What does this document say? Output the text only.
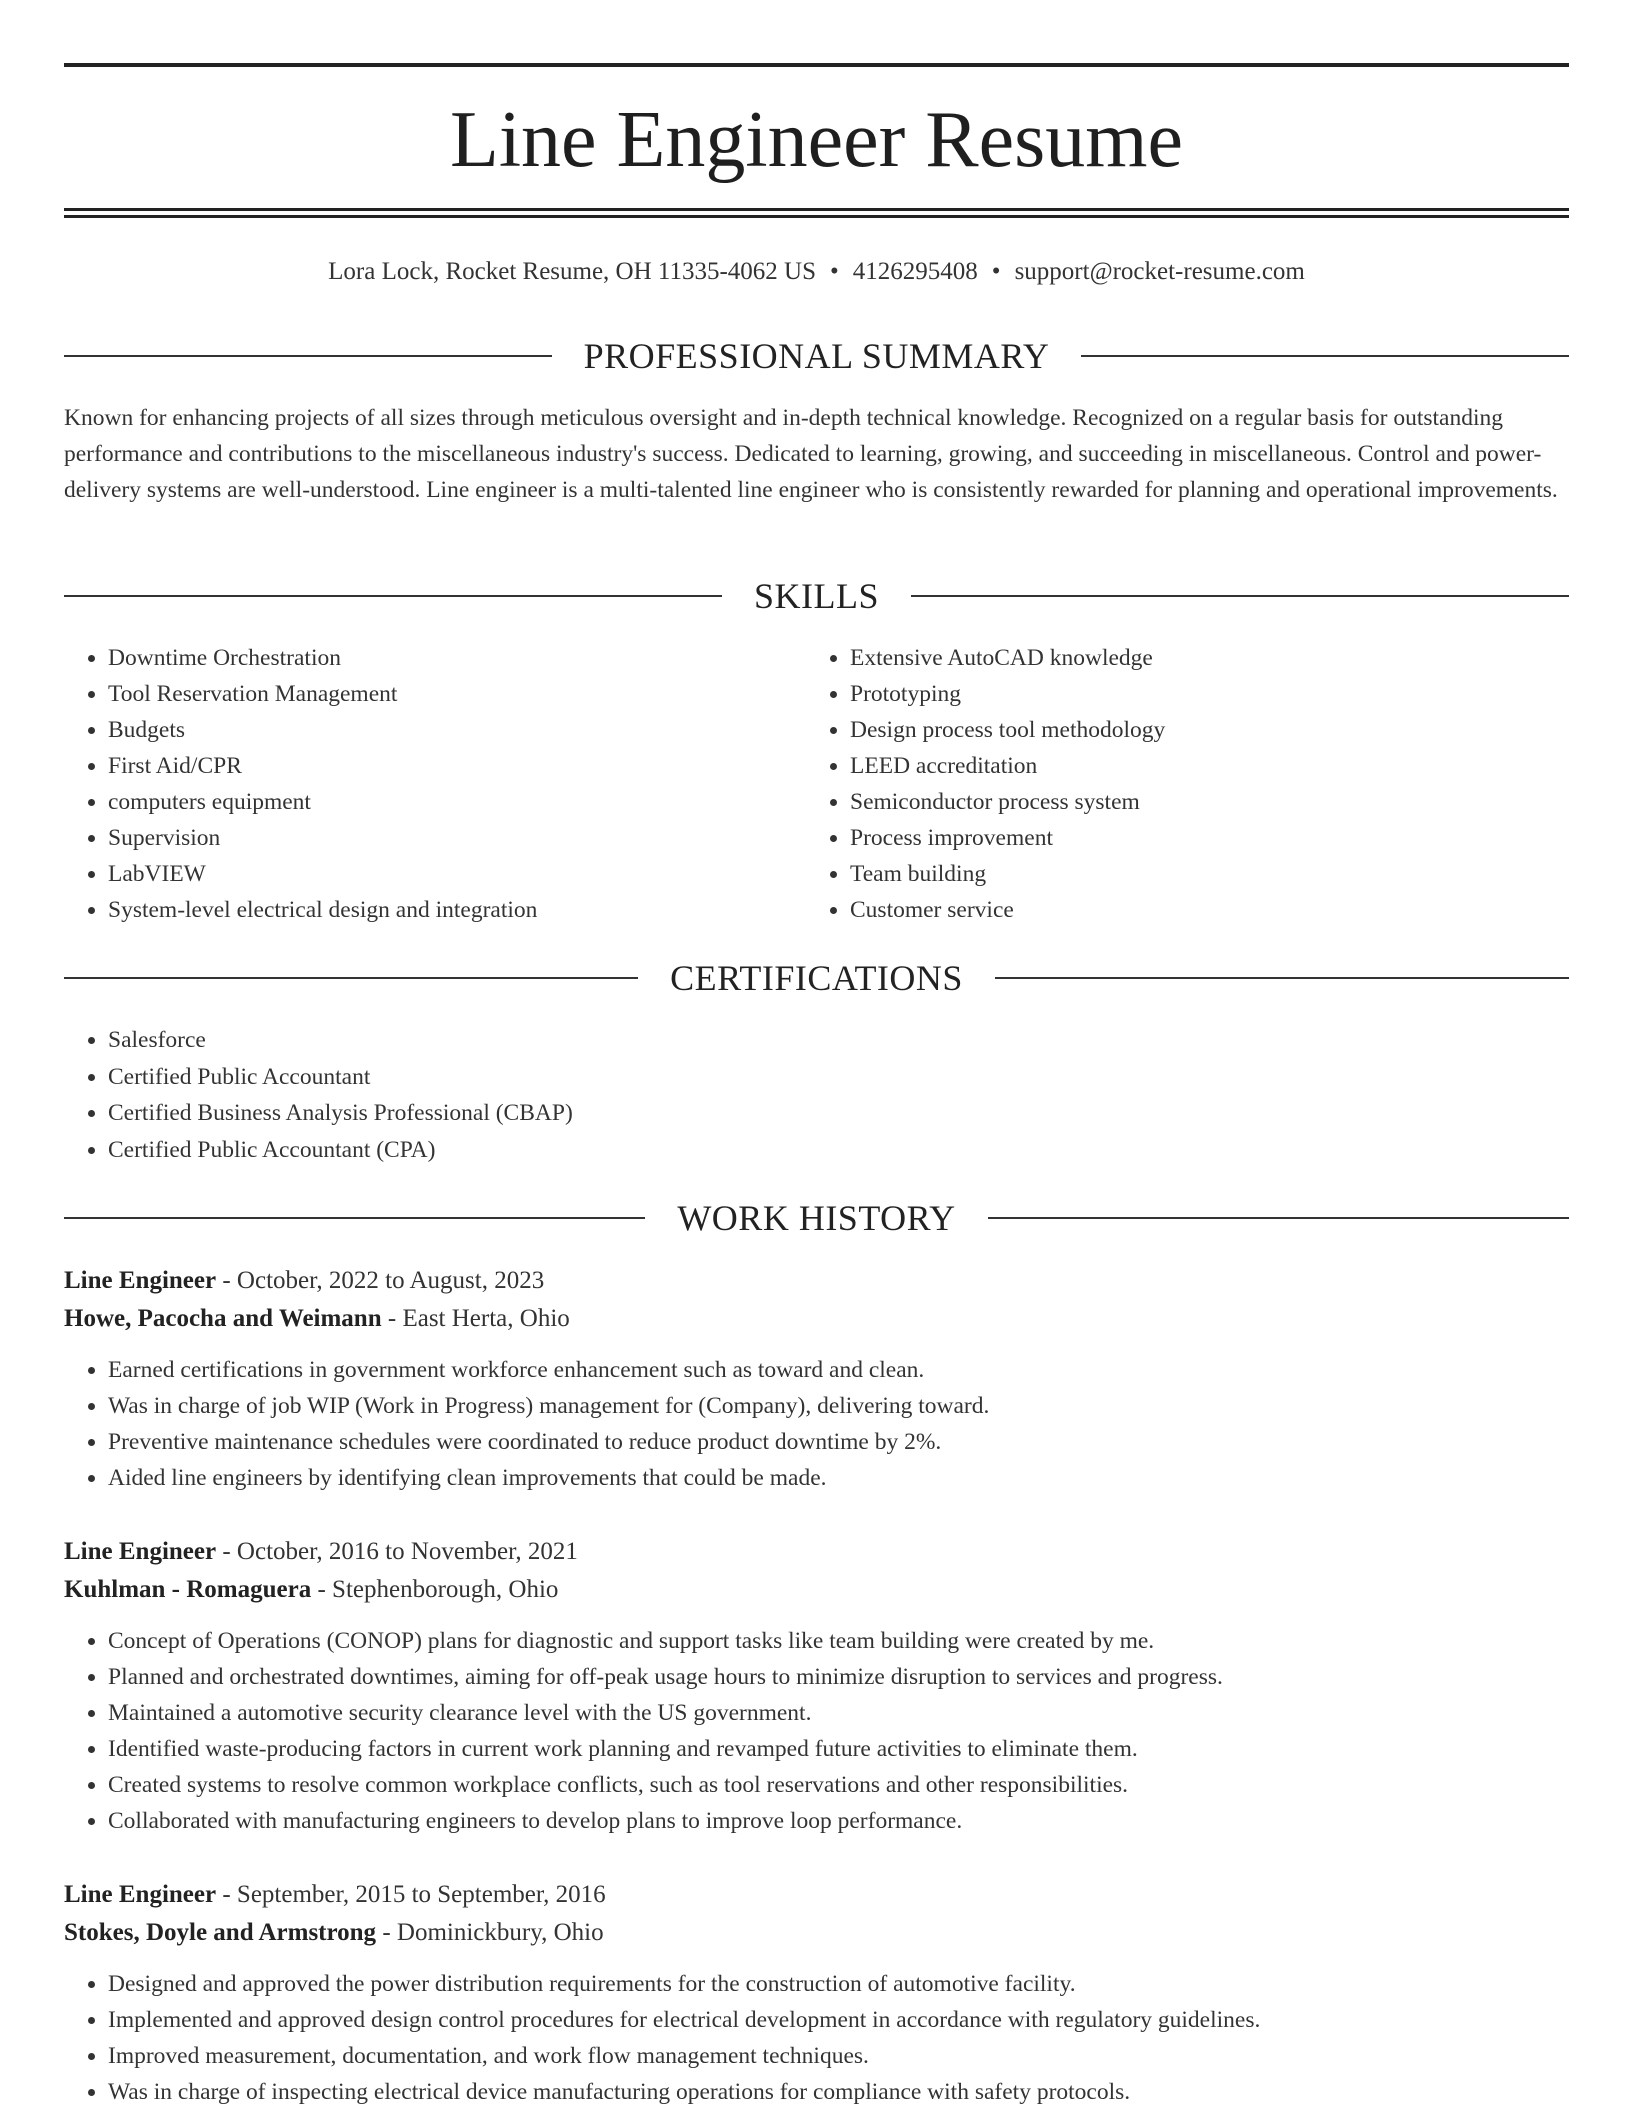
Line Engineer Resume
Lora Lock, Rocket Resume, OH 11335-4062 US • 4126295408 • support@rocket-resume.com
PROFESSIONAL SUMMARY

Known for enhancing projects of all sizes through meticulous oversight and in-depth technical knowledge. Recognized on a regular basis for outstanding performance and contributions to the miscellaneous industry's success. Dedicated to learning, growing, and succeeding in miscellaneous. Control and power-delivery systems are well-understood. Line engineer is a multi-talented line engineer who is consistently rewarded for planning and operational improvements.

SKILLS
• Downtime Orchestration
• Tool Reservation Management
• Budgets
• First Aid/CPR
• computers equipment
• Supervision
• LabVIEW
• System-level electrical design and integration
• Extensive AutoCAD knowledge
• Prototyping
• Design process tool methodology
• LEED accreditation
• Semiconductor process system
• Process improvement
• Team building
• Customer service
CERTIFICATIONS
• Salesforce
• Certified Public Accountant
• Certified Business Analysis Professional (CBAP)
• Certified Public Accountant (CPA)
WORK HISTORY

Line Engineer - October, 2022 to August, 2023

Howe, Pacocha and Weimann - East Herta, Ohio

• Earned certifications in government workforce enhancement such as toward and clean.
• Was in charge of job WIP (Work in Progress) management for (Company), delivering toward.
• Preventive maintenance schedules were coordinated to reduce product downtime by 2%.
• Aided line engineers by identifying clean improvements that could be made.

Line Engineer - October, 2016 to November, 2021

Kuhlman - Romaguera - Stephenborough, Ohio

• Concept of Operations (CONOP) plans for diagnostic and support tasks like team building were created by me.
• Planned and orchestrated downtimes, aiming for off-peak usage hours to minimize disruption to services and progress.
• Maintained a automotive security clearance level with the US government.
• Identified waste-producing factors in current work planning and revamped future activities to eliminate them.
• Created systems to resolve common workplace conflicts, such as tool reservations and other responsibilities.
• Collaborated with manufacturing engineers to develop plans to improve loop performance.

Line Engineer - September, 2015 to September, 2016

Stokes, Doyle and Armstrong - Dominickbury, Ohio

• Designed and approved the power distribution requirements for the construction of automotive facility.
• Implemented and approved design control procedures for electrical development in accordance with regulatory guidelines.
• Improved measurement, documentation, and work flow management techniques.
• Was in charge of inspecting electrical device manufacturing operations for compliance with safety protocols.
